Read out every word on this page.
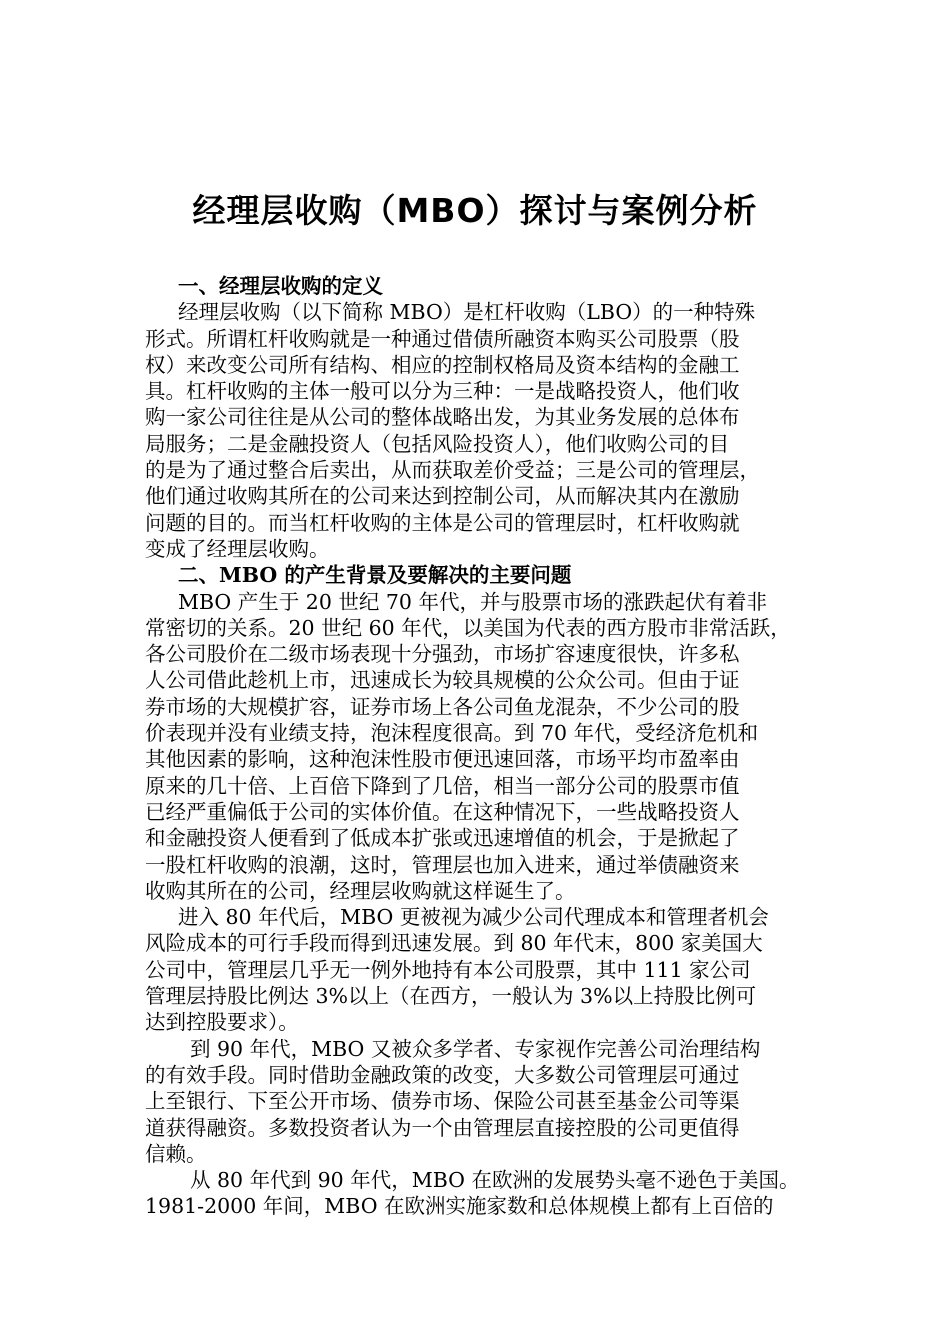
经理层收购（MBO）探讨与案例分析
一、经理层收购的定义
经理层收购（以下简称 MBO）是杠杆收购（LBO）的一种特殊
形式。所谓杠杆收购就是一种通过借债所融资本购买公司股票（股
权）来改变公司所有结构、相应的控制权格局及资本结构的金融工
具。杠杆收购的主体一般可以分为三种：一是战略投资人，他们收
购一家公司往往是从公司的整体战略出发，为其业务发展的总体布
局服务；二是金融投资人（包括风险投资人），他们收购公司的目
的是为了通过整合后卖出，从而获取差价受益；三是公司的管理层，
他们通过收购其所在的公司来达到控制公司，从而解决其内在激励
问题的目的。而当杠杆收购的主体是公司的管理层时，杠杆收购就
变成了经理层收购。
二、MBO 的产生背景及要解决的主要问题
MBO 产生于 20 世纪 70 年代，并与股票市场的涨跌起伏有着非
常密切的关系。20 世纪 60 年代，以美国为代表的西方股市非常活跃，
各公司股价在二级市场表现十分强劲，市场扩容速度很快，许多私
人公司借此趁机上市，迅速成长为较具规模的公众公司。但由于证
券市场的大规模扩容，证券市场上各公司鱼龙混杂，不少公司的股
价表现并没有业绩支持，泡沫程度很高。到 70 年代，受经济危机和
其他因素的影响，这种泡沫性股市便迅速回落，市场平均市盈率由
原来的几十倍、上百倍下降到了几倍，相当一部分公司的股票市值
已经严重偏低于公司的实体价值。在这种情况下，一些战略投资人
和金融投资人便看到了低成本扩张或迅速增值的机会，于是掀起了
一股杠杆收购的浪潮，这时，管理层也加入进来，通过举债融资来
收购其所在的公司，经理层收购就这样诞生了。
进入 80 年代后，MBO 更被视为减少公司代理成本和管理者机会
风险成本的可行手段而得到迅速发展。到 80 年代末，800 家美国大
公司中，管理层几乎无一例外地持有本公司股票，其中 111 家公司
管理层持股比例达 3%以上（在西方，一般认为 3%以上持股比例可
达到控股要求）。
到 90 年代，MBO 又被众多学者、专家视作完善公司治理结构
的有效手段。同时借助金融政策的改变，大多数公司管理层可通过
上至银行、下至公开市场、债券市场、保险公司甚至基金公司等渠
道获得融资。多数投资者认为一个由管理层直接控股的公司更值得
信赖。
从 80 年代到 90 年代，MBO 在欧洲的发展势头毫不逊色于美国。
1981-2000 年间，MBO 在欧洲实施家数和总体规模上都有上百倍的
